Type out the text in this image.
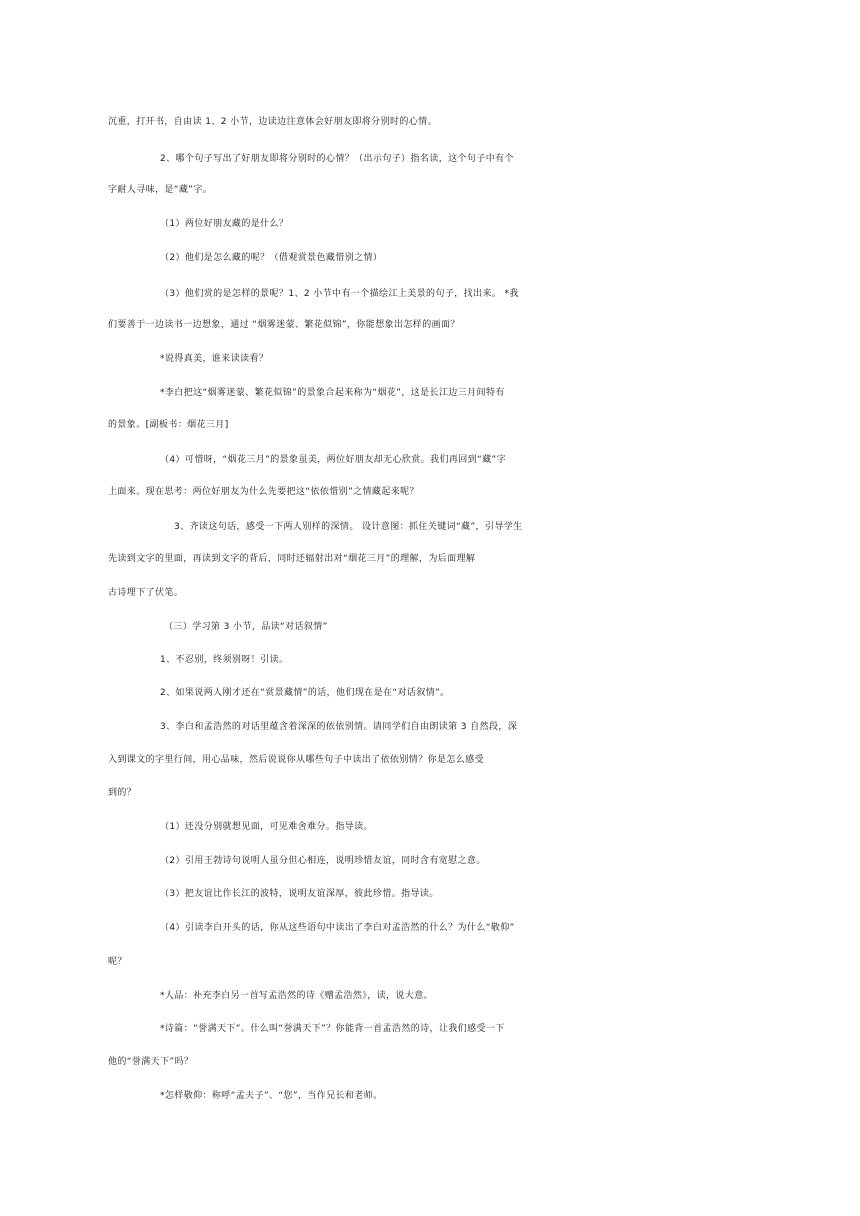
沉重，打开书，自由读 1、2 小节，边读边注意体会好朋友即将分别时的心情。
2、哪个句子写出了好朋友即将分别时的心情？（出示句子）指名读，这个句子中有个
字耐人寻味，是“藏”字。
（1）两位好朋友藏的是什么？
（2）他们是怎么藏的呢？（借观赏景色藏惜别之情）
（3）他们赏的是怎样的景呢？1、2 小节中有一个描绘江上美景的句子，找出来。 *我
们要善于一边读书一边想象，通过 “烟雾迷蒙、繁花似锦”，你能想象出怎样的画面？
*说得真美，谁来读读看？
*李白把这“烟雾迷蒙、繁花似锦”的景象合起来称为“烟花”，这是长江边三月间特有
的景象。[副板书：烟花三月]
（4）可惜呀，“烟花三月”的景象虽美，两位好朋友却无心欣赏。我们再回到“藏”字
上面来。现在思考：两位好朋友为什么先要把这“依依惜别”之情藏起来呢？
3、齐读这句话，感受一下两人别样的深情。 设计意图：抓住关键词“藏”，引导学生
先读到文字的里面，再读到文字的背后，同时还辐射出对“烟花三月”的理解，为后面理解
古诗埋下了伏笔。
（三）学习第 3 小节，品读“对话叙情”
1、不忍别，终须别呀！引读。
2、如果说两人刚才还在“赏景藏情”的话，他们现在是在“对话叙情”。
3、李白和孟浩然的对话里蕴含着深深的依依别情。请同学们自由朗读第 3 自然段，深
入到课文的字里行间，用心品味，然后说说你从哪些句子中读出了依依别情？你是怎么感受
到的？
（1）还没分别就想见面，可见难舍难分。指导读。
（2）引用王勃诗句说明人虽分但心相连，说明珍惜友谊，同时含有宽慰之意。
（3）把友谊比作长江的波特，说明友谊深厚，彼此珍惜。指导读。
（4）引读李白开头的话，你从这些语句中读出了李白对孟浩然的什么？为什么“敬仰”
呢？
*人品：补充李白另一首写孟浩然的诗《赠孟浩然》，读，说大意。
*诗篇：“誉满天下”。什么叫“誉满天下”？你能背一首孟浩然的诗，让我们感受一下
他的“誉满天下”吗？
*怎样敬仰：称呼“孟夫子”、“您”，当作兄长和老师。
